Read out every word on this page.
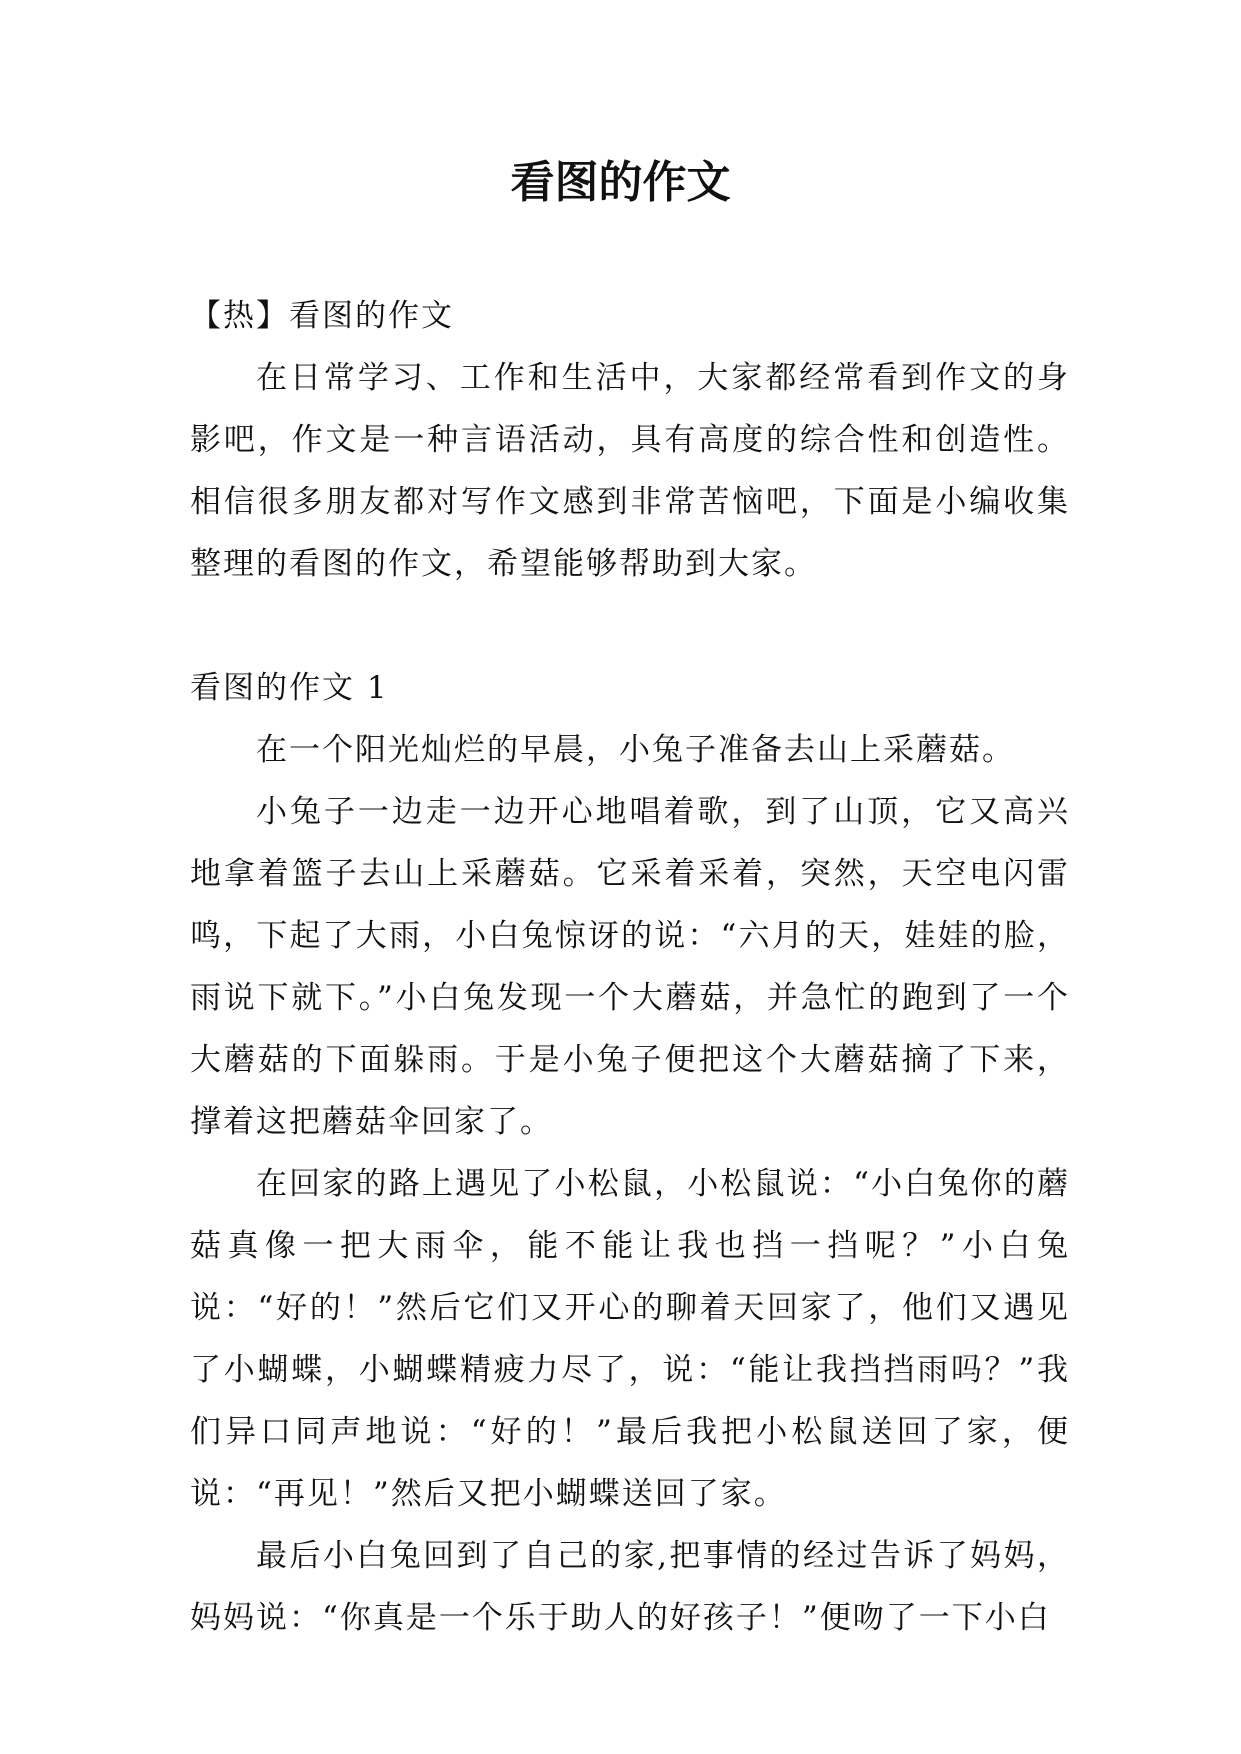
看图的作文

【热】看图的作文

在日常学习、工作和生活中，大家都经常看到作文的身影吧，作文是一种言语活动，具有高度的综合性和创造性。相信很多朋友都对写作文感到非常苦恼吧，下面是小编收集整理的看图的作文，希望能够帮助到大家。

看图的作文 1

在一个阳光灿烂的早晨，小兔子准备去山上采蘑菇。

小兔子一边走一边开心地唱着歌，到了山顶，它又高兴地拿着篮子去山上采蘑菇。它采着采着，突然，天空电闪雷鸣，下起了大雨，小白兔惊讶的说：“六月的天，娃娃的脸，雨说下就下。”小白兔发现一个大蘑菇，并急忙的跑到了一个大蘑菇的下面躲雨。于是小兔子便把这个大蘑菇摘了下来，撑着这把蘑菇伞回家了。

在回家的路上遇见了小松鼠，小松鼠说：“小白兔你的蘑菇真像一把大雨伞，能不能让我也挡一挡呢？”小白兔说：“好的！”然后它们又开心的聊着天回家了，他们又遇见了小蝴蝶，小蝴蝶精疲力尽了，说：“能让我挡挡雨吗？”我们异口同声地说：“好的！”最后我把小松鼠送回了家，便说：“再见！”然后又把小蝴蝶送回了家。

最后小白兔回到了自己的家,把事情的经过告诉了妈妈，妈妈说：“你真是一个乐于助人的好孩子！”便吻了一下小白
